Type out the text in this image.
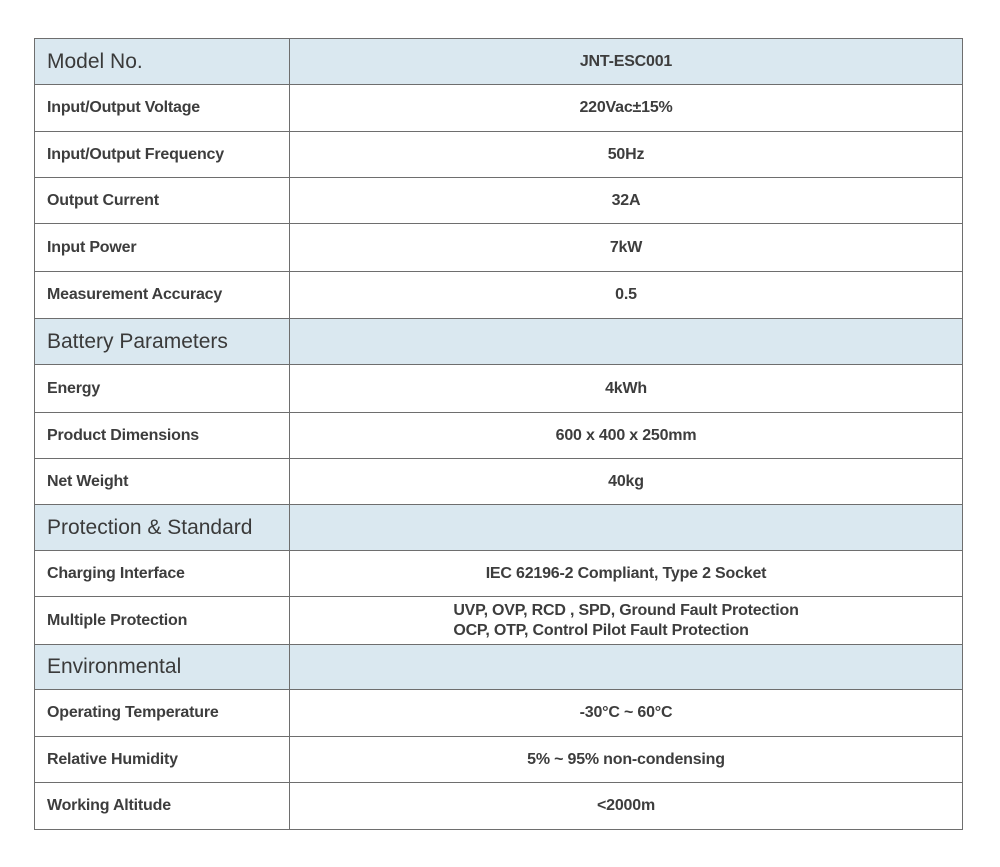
Model No.	JNT-ESC001
Input/Output Voltage	220Vac±15%
Input/Output Frequency	50Hz
Output Current	32A
Input Power	7kW
Measurement Accuracy	0.5
Battery Parameters	
Energy	4kWh
Product Dimensions	600 x 400 x 250mm
Net Weight	40kg
Protection & Standard	
Charging Interface	IEC 62196-2 Compliant, Type 2 Socket
Multiple Protection	UVP, OVP, RCD , SPD, Ground Fault Protection
OCP, OTP, Control Pilot Fault Protection

Environmental	
Operating Temperature	-30°C ~ 60°C
Relative Humidity	5% ~ 95% non-condensing
Working Altitude	<2000m
